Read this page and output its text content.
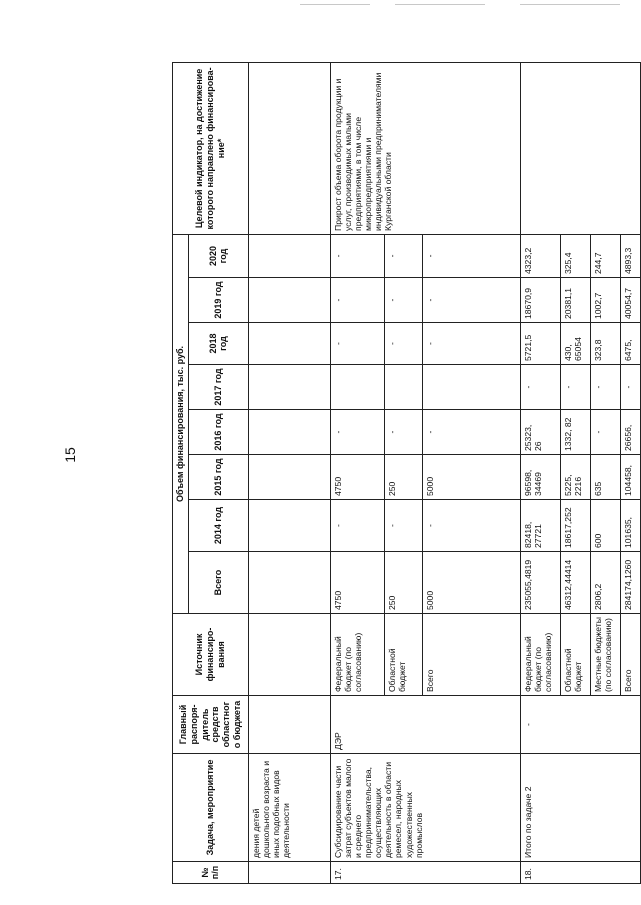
15
№ п/п	Задача, мероприятие	Главный распоря-дитель средств областного бюджета	Источник финансиро-вания	Объем финансирования, тыс. руб.								Целевой индикатор, на достижение которого направлено финансирова-ние*
				Всего	2014 год	2015 год	2016 год	2017 год	2018 год	2019 год	2020 год	
	дения детей дошкольного возраста и иных подобных видов деятельности											
17.	Субсидирование части затрат субъектов малого и среднего предпринимательства, осуществляющих деятельность в области ремесел, народных художественных промыслов	ДЭР	Федеральный бюджет (по согласованию)	4750	-	4750	-		-	-	-	Прирост объема оборота продукции и услуг, производимых малыми предприятиями, в том числе микропредприятиями и индивидуальными предпринимателями Курганской области
			Областной бюджет	250	-	250	-		-	-	-	
			Всего	5000	-	5000	-		-	-	-	
18.	Итого по задаче 2	-	Федеральный бюджет (по согласованию)	235055,4819	82418, 27721	96598, 34469	25323, 26	-	5721,5	18670,9	4323,2	
			Областной бюджет	46312,44414	18617,252	5225, 2216	1332, 82	-	430, 65054	20381,1	325,4	
			Местные бюджеты (по согласованию)	2806,2	600	635	-	-	323,8	1002,7	244,7	
			Всего	284174,1260	101635,	104458,	26656,	-	6475,	40054,7	4893,3	
